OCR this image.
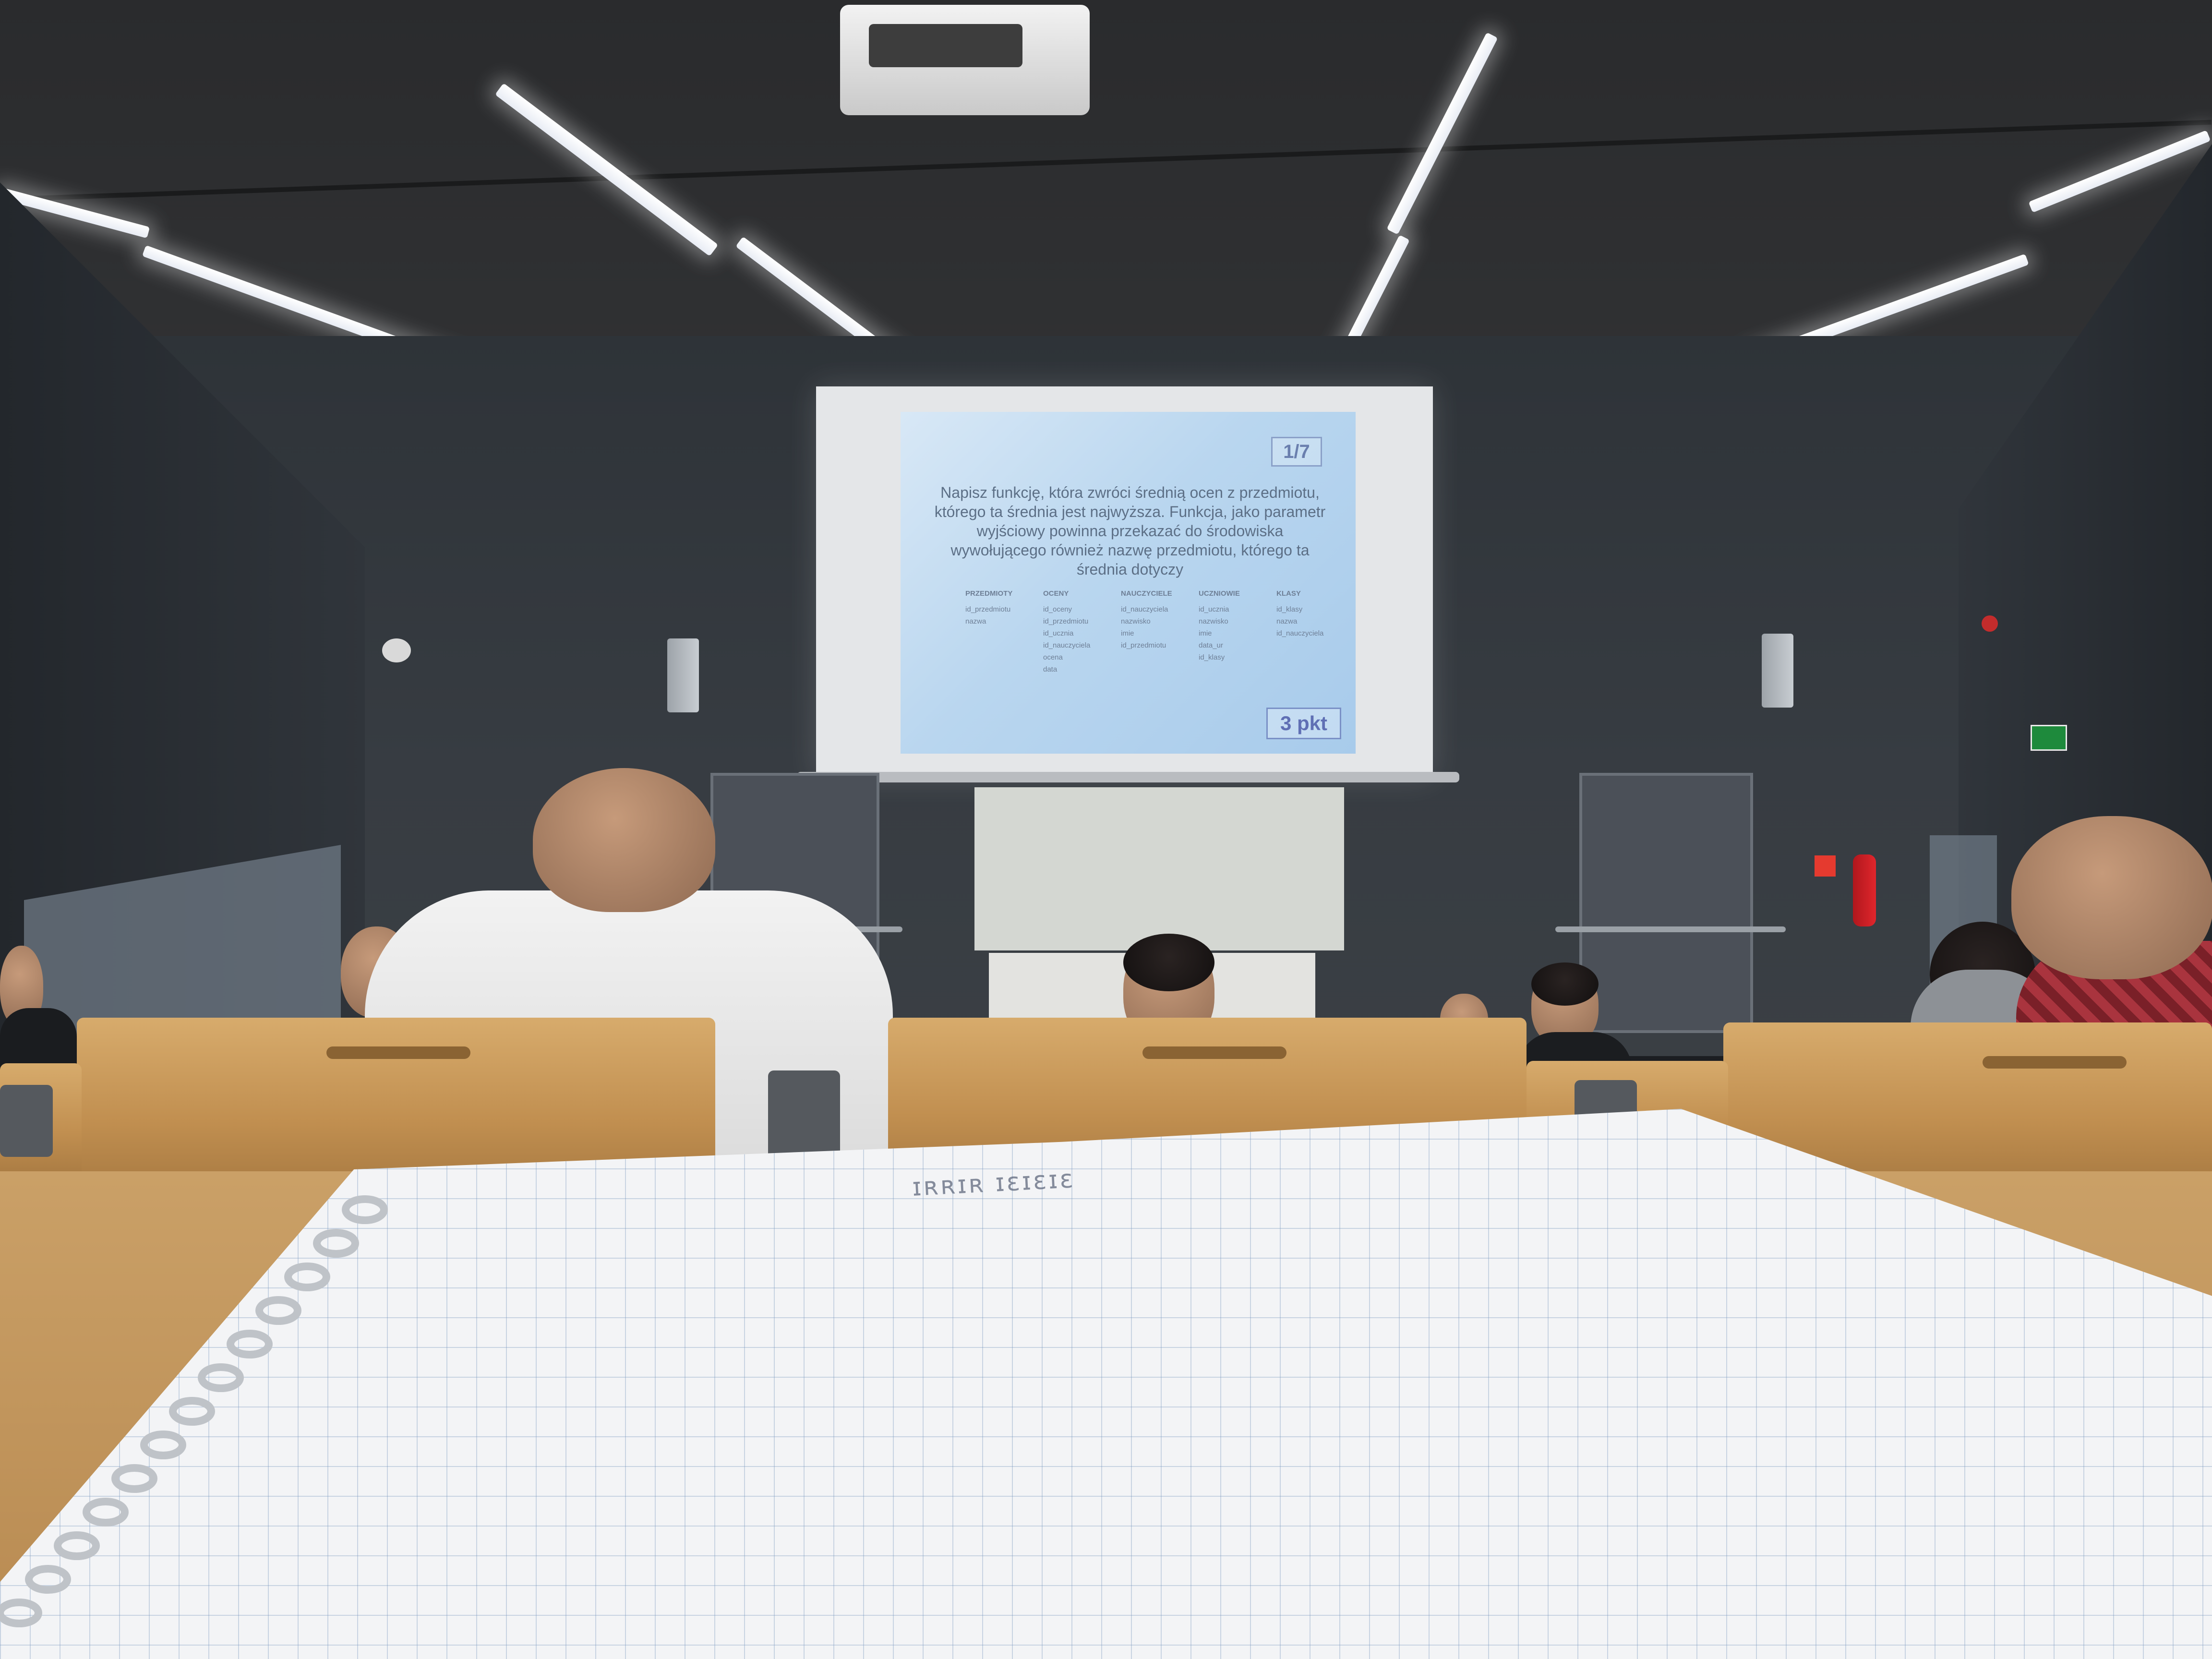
1/7
Napisz funkcję, która zwróci średnią ocen z przedmiotu, którego ta średnia jest najwyższa. Funkcja, jako parametr wyjściowy powinna przekazać do środowiska wywołującego również nazwę przedmiotu, którego ta średnia dotyczy
PRZEDMIOTY
id_przedmiotu
nazwa
OCENY
id_oceny
id_przedmiotu
id_ucznia
id_nauczyciela
ocena
data
NAUCZYCIELE
id_nauczyciela
nazwisko
imie
id_przedmiotu
UCZNIOWIE
id_ucznia
nazwisko
imie
data_ur
id_klasy
KLASY
id_klasy
nazwa
id_nauczyciela
3 pkt
ɪʀʀɪʀ ɪɛɪɛɪɛ
